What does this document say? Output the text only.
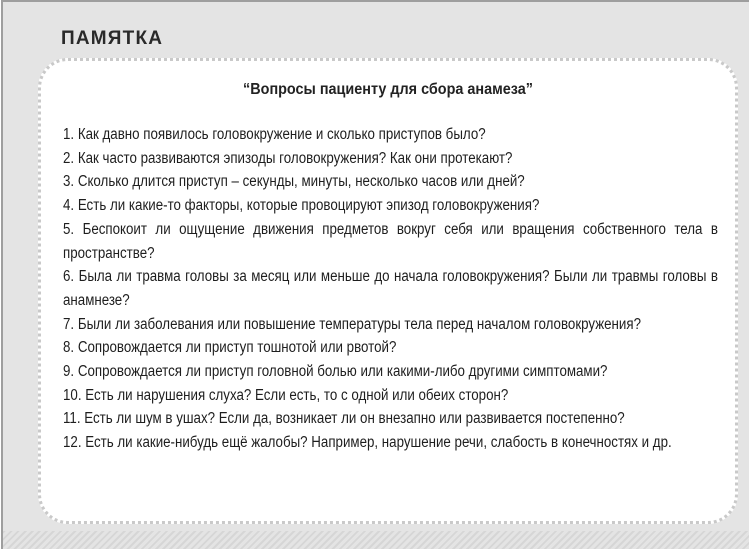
ПАМЯТКА
“Вопросы пациенту для сбора анамеза”
1. Как давно появилось головокружение и сколько приступов было?
2. Как часто развиваются эпизоды головокружения? Как они протекают?
3. Сколько длится приступ – секунды, минуты, несколько часов или дней?
4. Есть ли какие-то факторы, которые провоцируют эпизод головокружения?
5. Беспокоит ли ощущение движения предметов вокруг себя или вращения собственного тела в пространстве?
6. Была ли травма головы за месяц или меньше до начала головокружения? Были ли травмы головы в анамнезе?
7. Были ли заболевания или повышение температуры тела перед началом головокружения?
8. Сопровождается ли приступ тошнотой или рвотой?
9. Сопровождается ли приступ головной болью или какими-либо другими симптомами?
10. Есть ли нарушения слуха? Если есть, то с одной или обеих сторон?
11. Есть ли шум в ушах? Если да, возникает ли он внезапно или развивается постепенно?
12. Есть ли какие-нибудь ещё жалобы? Например, нарушение речи, слабость в конечностях и др.
